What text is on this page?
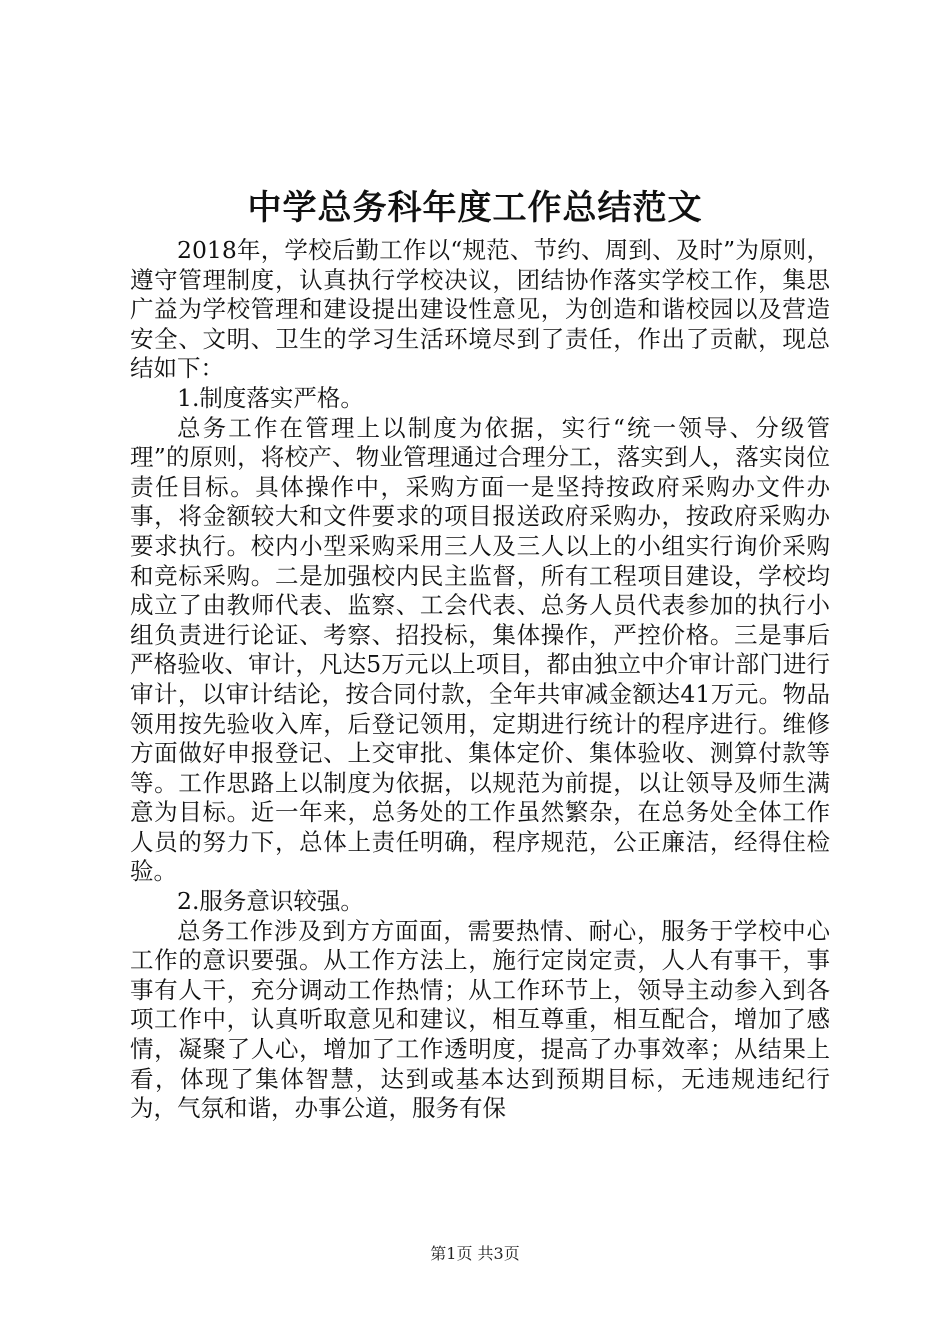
中学总务科年度工作总结范文

2018年，学校后勤工作以“规范、节约、周到、及时”为原则，遵守管理制度，认真执行学校决议，团结协作落实学校工作，集思广益为学校管理和建设提出建设性意见，为创造和谐校园以及营造安全、文明、卫生的学习生活环境尽到了责任，作出了贡献，现总结如下：

1.制度落实严格。

总务工作在管理上以制度为依据，实行“统一领导、分级管理”的原则，将校产、物业管理通过合理分工，落实到人，落实岗位责任目标。具体操作中，采购方面一是坚持按政府采购办文件办事，将金额较大和文件要求的项目报送政府采购办，按政府采购办要求执行。校内小型采购采用三人及三人以上的小组实行询价采购和竞标采购。二是加强校内民主监督，所有工程项目建设，学校均成立了由教师代表、监察、工会代表、总务人员代表参加的执行小组负责进行论证、考察、招投标，集体操作，严控价格。三是事后严格验收、审计，凡达5万元以上项目，都由独立中介审计部门进行审计，以审计结论，按合同付款，全年共审减金额达41万元。物品领用按先验收入库，后登记领用，定期进行统计的程序进行。维修方面做好申报登记、上交审批、集体定价、集体验收、测算付款等等。工作思路上以制度为依据，以规范为前提，以让领导及师生满意为目标。近一年来，总务处的工作虽然繁杂，在总务处全体工作人员的努力下，总体上责任明确，程序规范，公正廉洁，经得住检验。

2.服务意识较强。

总务工作涉及到方方面面，需要热情、耐心，服务于学校中心工作的意识要强。从工作方法上，施行定岗定责，人人有事干，事事有人干，充分调动工作热情；从工作环节上，领导主动参入到各项工作中，认真听取意见和建议，相互尊重，相互配合，增加了感情，凝聚了人心，增加了工作透明度，提高了办事效率；从结果上看，体现了集体智慧，达到或基本达到预期目标，无违规违纪行为，气氛和谐，办事公道，服务有保

第1页 共3页
